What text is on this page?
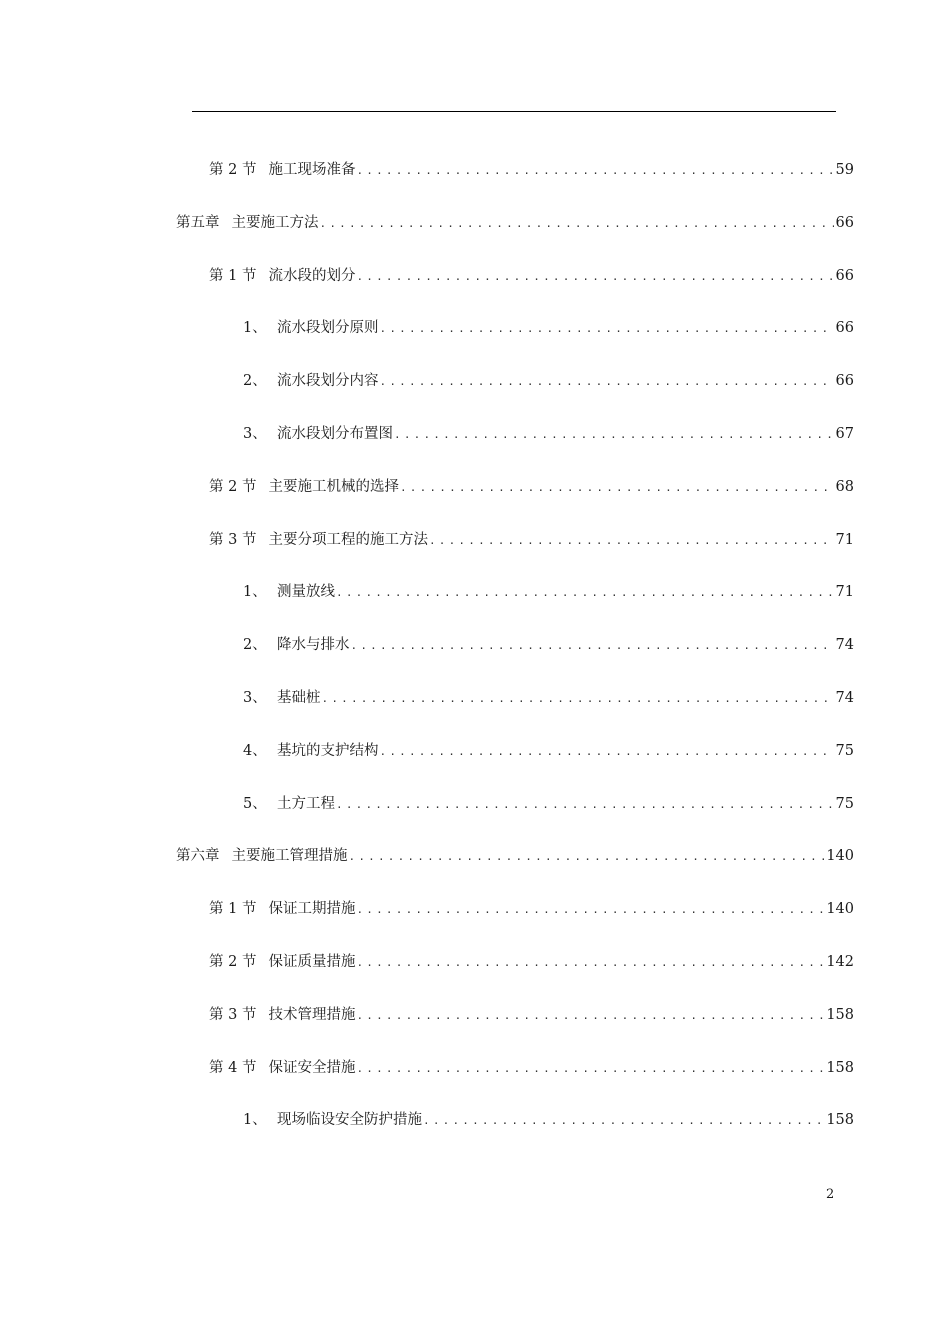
第 2 节 施工现场准备 .....	59
第五章 主要施工方法 .....	66
第 1 节 流水段的划分 .....	66
1、 流水段划分原则 .....	66
2、 流水段划分内容 .....	66
3、 流水段划分布置图 .....	67
第 2 节 主要施工机械的选择 .....	68
第 3 节 主要分项工程的施工方法 .....	71
1、 测量放线 .....	71
2、 降水与排水 .....	74
3、 基础桩 .....	74
4、 基坑的支护结构 .....	75
5、 土方工程 .....	75
第六章 主要施工管理措施 .....	140
第 1 节 保证工期措施 .....	140
第 2 节 保证质量措施 .....	142
第 3 节 技术管理措施 .....	158
第 4 节 保证安全措施 .....	158
1、 现场临设安全防护措施 .....	158
2
